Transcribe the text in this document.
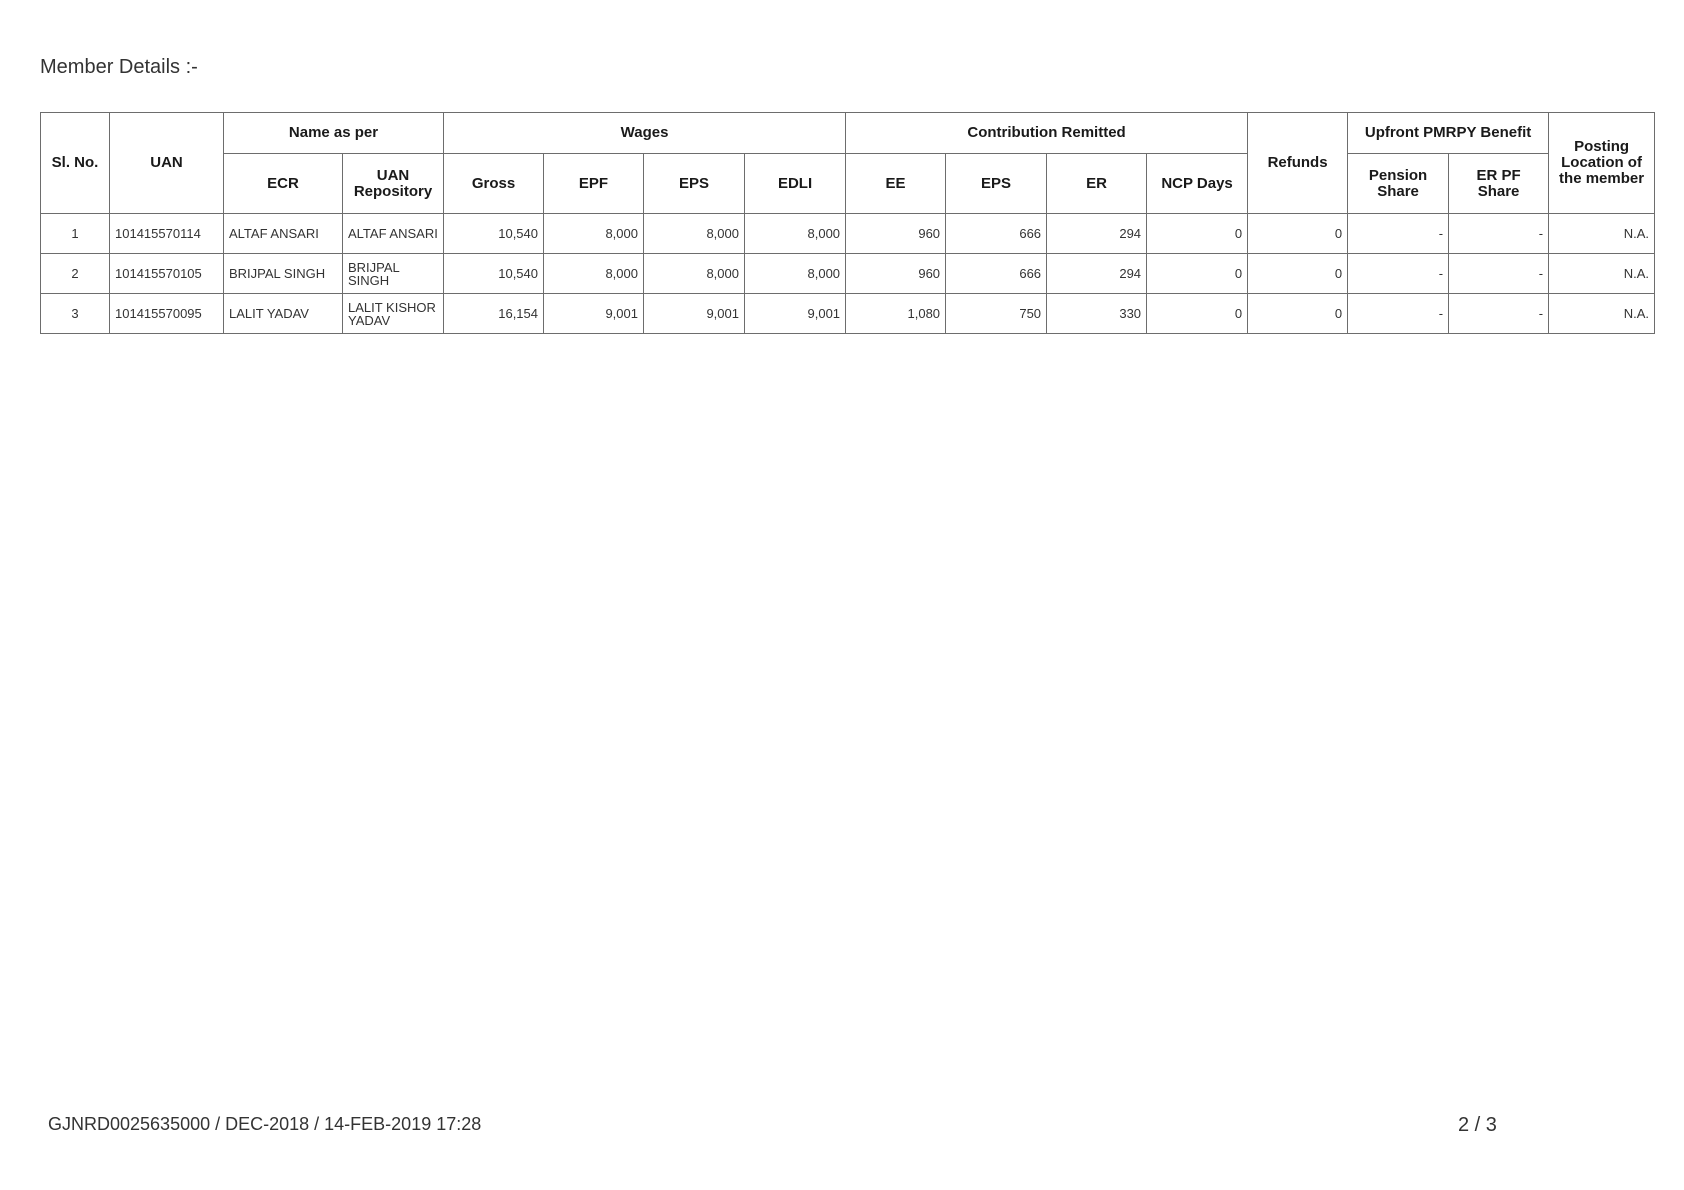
Member Details :-
Sl. No.	UAN	Name as per		Wages				Contribution Remitted				Refunds	Upfront PMRPY Benefit		Posting Location of the member
		ECR	UAN Repository	Gross	EPF	EPS	EDLI	EE	EPS	ER	NCP Days		Pension Share	ER PF Share	
1	101415570114	ALTAF ANSARI	ALTAF ANSARI	10,540	8,000	8,000	8,000	960	666	294	0	0	-	-	N.A.
2	101415570105	BRIJPAL SINGH	BRIJPAL SINGH	10,540	8,000	8,000	8,000	960	666	294	0	0	-	-	N.A.
3	101415570095	LALIT YADAV	LALIT KISHOR YADAV	16,154	9,001	9,001	9,001	1,080	750	330	0	0	-	-	N.A.
GJNRD0025635000 / DEC-2018 / 14-FEB-2019 17:28	2 / 3
